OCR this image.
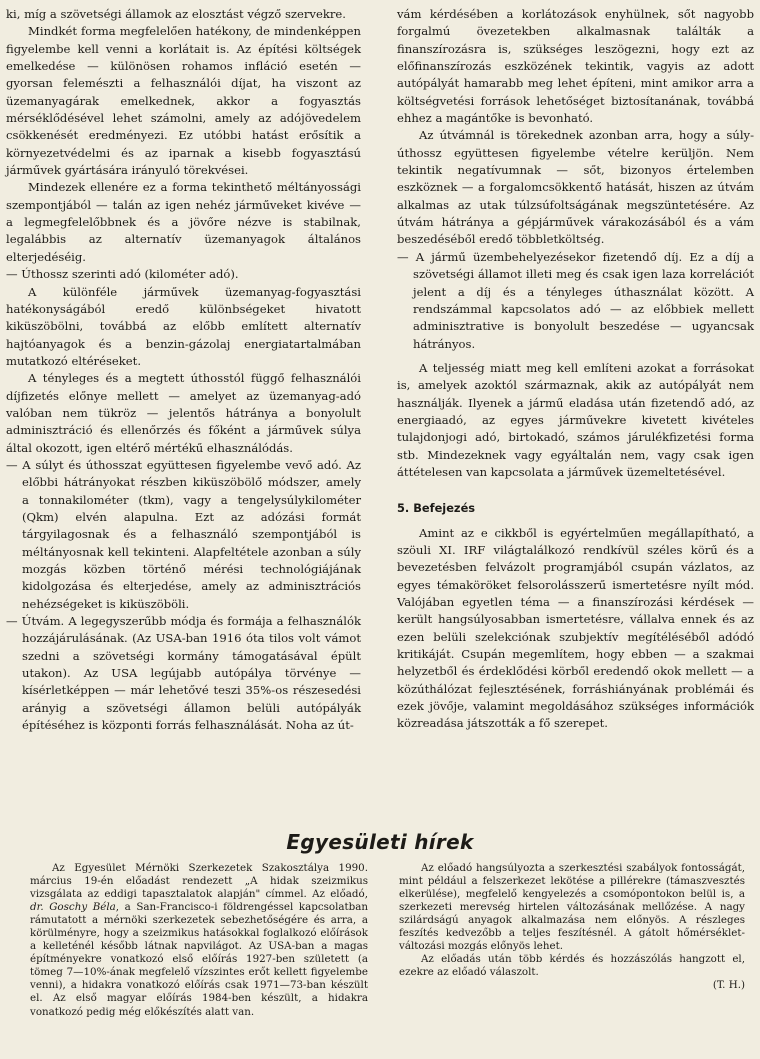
ki, míg a szövetségi államok az elosztást végző szervekre.

Mindkét forma megfelelően hatékony, de mindenképpen figyelembe kell venni a korlátait is. Az építési költségek emelkedése — különösen rohamos infláció esetén — gyorsan felemészti a felhasználói díjat, ha viszont az üzemanyagárak emelkednek, akkor a fogyasztás mérséklődésével lehet számolni, amely az adójövedelem csökkenését eredményezi. Ez utóbbi hatást erősítik a környezetvédelmi és az iparnak a kisebb fogyasztású járművek gyártására irányuló törekvései.

Mindezek ellenére ez a forma tekinthető méltányossági szempontjából — talán az igen nehéz járműveket kivéve — a legmegfelelőbbnek és a jövőre nézve is stabilnak, legalábbis az alternatív üzemanyagok általános elterjedéséig.

— Úthossz szerinti adó (kilométer adó).

A különféle járművek üzemanyag-fogyasztási hatékonyságából eredő különbségeket hivatott kiküszöbölni, továbbá az előbb említett alternatív hajtóanyagok és a benzin-gázolaj energiatartalmában mutatkozó eltéréseket.

A tényleges és a megtett úthosstól függő felhasználói díjfizetés előnye mellett — amelyet az üzemanyag-adó valóban nem tükröz — jelentős hátránya a bonyolult adminisztráció és ellenőrzés és főként a járművek súlya által okozott, igen eltérő mértékű elhasználódás.

— A súlyt és úthosszat együttesen figyelembe vevő adó. Az előbbi hátrányokat részben kiküszöbölő módszer, amely a tonnakilométer (tkm), vagy a tengelysúlykilométer (Qkm) elvén alapulna. Ezt az adózási formát tárgyilagosnak és a felhasználó szempontjából is méltányosnak kell tekinteni. Alapfeltétele azonban a súly mozgás közben történő mérési technológiájának kidolgozása és elterjedése, amely az adminisztrációs nehézségeket is kiküszöböli.

— Útvám. A legegyszerűbb módja és formája a felhasználók hozzájárulásának. (Az USA-ban 1916 óta tilos volt vámot szedni a szövetségi kormány támogatásával épült utakon). Az USA legújabb autópálya törvénye — kísérletképpen — már lehetővé teszi 35%-os részesedési arányig a szövetségi államon belüli autópályák építéséhez is központi forrás felhasználását. Noha az út-

vám kérdésében a korlátozások enyhülnek, sőt nagyobb forgalmú övezetekben alkalmasnak találták a finanszírozásra is, szükséges leszögezni, hogy ezt az előfinanszírozás eszközének tekintik, vagyis az adott autópályát hamarabb meg lehet építeni, mint amikor arra a költségvetési források lehetőséget biztosítanának, továbbá ehhez a magántőke is bevonható.

Az útvámnál is törekednek azonban arra, hogy a súly-úthossz együttesen figyelembe vételre kerüljön. Nem tekintik negatívumnak — sőt, bizonyos értelemben eszköznek — a forgalomcsökkentő hatását, hiszen az útvám alkalmas az utak túlzsúfoltságának megszüntetésére. Az útvám hátránya a gépjárművek várakozásából és a vám beszedéséből eredő többletköltség.

— A jármű üzembehelyezésekor fizetendő díj. Ez a díj a szövetségi államot illeti meg és csak igen laza korrelációt jelent a díj és a tényleges úthasználat között. A rendszámmal kapcsolatos adó — az előbbiek mellett adminisztrative is bonyolult beszedése — ugyancsak hátrányos.

A teljesség miatt meg kell említeni azokat a forrásokat is, amelyek azoktól származnak, akik az autópályát nem használják. Ilyenek a jármű eladása után fizetendő adó, az energiaadó, az egyes járművekre kivetett kivételes tulajdonjogi adó, birtokadó, számos járulékfizetési forma stb. Mindezeknek vagy egyáltalán nem, vagy csak igen áttételesen van kapcsolata a járművek üzemeltetésével.

5. Befejezés

Amint az e cikkből is egyértelműen megállapítható, a szöuli XI. IRF világtalálkozó rendkívül széles körű és a bevezetésben felvázolt programjából csupán vázlatos, az egyes témaköröket felsorolásszerű ismertetésre nyílt mód. Valójában egyetlen téma — a finanszírozási kérdések — került hangsúlyosabban ismertetésre, vállalva ennek és az ezen belüli szelekciónak szubjektív megítéléséből adódó kritikáját. Csupán megemlítem, hogy ebben — a szakmai helyzetből és érdeklődési körből eredendő okok mellett — a közúthálózat fejlesztésének, forráshiányának problémái és ezek jövője, valamint megoldásához szükséges információk közreadása játszották a fő szerepet.

Egyesületi hírek

Az Egyesület Mérnöki Szerkezetek Szakosztálya 1990. március 19-én előadást rendezett „A hidak szeizmikus vizsgálata az eddigi tapasztalatok alapján" címmel. Az előadó, dr. Goschy Béla, a San-Francisco-i földrengéssel kapcsolatban rámutatott a mérnöki szerkezetek sebezhetőségére és arra, a körülményre, hogy a szeizmikus hatásokkal foglalkozó előírások a kelleténél később látnak napvilágot. Az USA-ban a magas építményekre vonatkozó első előírás 1927-ben született (a tömeg 7—10%-ának megfelelő vízszintes erőt kellett figyelembe venni), a hidakra vonatkozó előírás csak 1971—73-ban készült el. Az első magyar előírás 1984-ben készült, a hidakra vonatkozó pedig még előkészítés alatt van.

Az előadó hangsúlyozta a szerkesztési szabályok fontosságát, mint például a felszerkezet lekötése a pillérekre (támaszvesztés elkerülése), megfelelő kengyelezés a csomópontokon belül is, a szerkezeti merevség hirtelen változásának mellőzése. A nagy szilárdságú anyagok alkalmazása nem előnyös. A részleges feszítés kedvezőbb a teljes feszítésnél. A gátolt hőmérséklet-változási mozgás előnyös lehet.

Az előadás után több kérdés és hozzászólás hangzott el, ezekre az előadó válaszolt.

(T. H.)
